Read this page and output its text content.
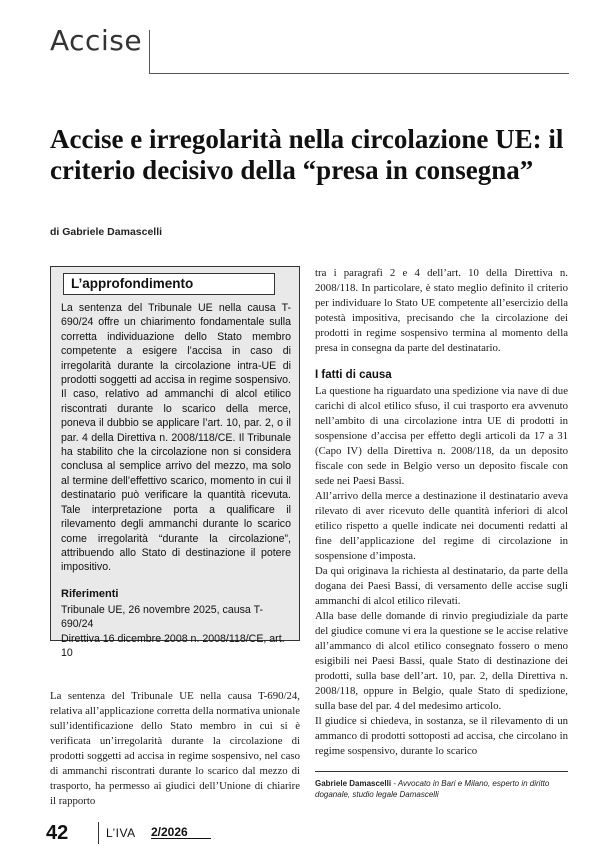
Accise
Accise e irregolarità nella circolazione UE: il criterio decisivo della “presa in consegna”
di Gabriele Damascelli
L’approfondimento

La sentenza del Tribunale UE nella causa T-690/24 offre un chiarimento fondamentale sulla corretta individuazione dello Stato membro competente a esigere l’accisa in caso di irregolarità durante la circolazione intra-UE di prodotti soggetti ad accisa in regime sospensivo. Il caso, relativo ad ammanchi di alcol etilico riscontrati durante lo scarico della merce, poneva il dubbio se applicare l’art. 10, par. 2, o il par. 4 della Direttiva n. 2008/118/CE. Il Tribunale ha stabilito che la circolazione non si considera conclusa al semplice arrivo del mezzo, ma solo al termine dell’effettivo scarico, momento in cui il destinatario può verificare la quantità ricevuta. Tale interpretazione porta a qualificare il rilevamento degli ammanchi durante lo scarico come irregolarità “durante la circolazione”, attribuendo allo Stato di destinazione il potere impositivo.

Riferimenti

Tribunale UE, 26 novembre 2025, causa T-690/24

Direttiva 16 dicembre 2008 n. 2008/118/CE, art. 10

La sentenza del Tribunale UE nella causa T-690/24, relativa all’applicazione corretta della normativa unionale sull’identificazione dello Stato membro in cui si è verificata un’irregolarità durante la circolazione di prodotti soggetti ad accisa in regime sospensivo, nel caso di ammanchi riscontrati durante lo scarico dal mezzo di trasporto, ha permesso ai giudici dell’Unione di chiarire il rapporto

tra i paragrafi 2 e 4 dell’art. 10 della Direttiva n. 2008/118. In particolare, è stato meglio definito il criterio per individuare lo Stato UE competente all’esercizio della potestà impositiva, precisando che la circolazione dei prodotti in regime sospensivo termina al momento della presa in consegna da parte del destinatario.

I fatti di causa

La questione ha riguardato una spedizione via nave di due carichi di alcol etilico sfuso, il cui trasporto era avvenuto nell’ambito di una circolazione intra UE di prodotti in sospensione d’accisa per effetto degli articoli da 17 a 31 (Capo IV) della Direttiva n. 2008/118, da un deposito fiscale con sede in Belgio verso un deposito fiscale con sede nei Paesi Bassi.

All’arrivo della merce a destinazione il destinatario aveva rilevato di aver ricevuto delle quantità inferiori di alcol etilico rispetto a quelle indicate nei documenti redatti al fine dell’applicazione del regime di circolazione in sospensione d’imposta.

Da qui originava la richiesta al destinatario, da parte della dogana dei Paesi Bassi, di versamento delle accise sugli ammanchi di alcol etilico rilevati.

Alla base delle domande di rinvio pregiudiziale da parte del giudice comune vi era la questione se le accise relative all’ammanco di alcol etilico consegnato fossero o meno esigibili nei Paesi Bassi, quale Stato di destinazione dei prodotti, sulla base dell’art. 10, par. 2, della Direttiva n. 2008/118, oppure in Belgio, quale Stato di spedizione, sulla base del par. 4 del medesimo articolo.

Il giudice si chiedeva, in sostanza, se il rilevamento di un ammanco di prodotti sottoposti ad accisa, che circolano in regime sospensivo, durante lo scarico

Gabriele Damascelli - Avvocato in Bari e Milano, esperto in diritto doganale, studio legale Damascelli
42	L’IVA 2/2026
